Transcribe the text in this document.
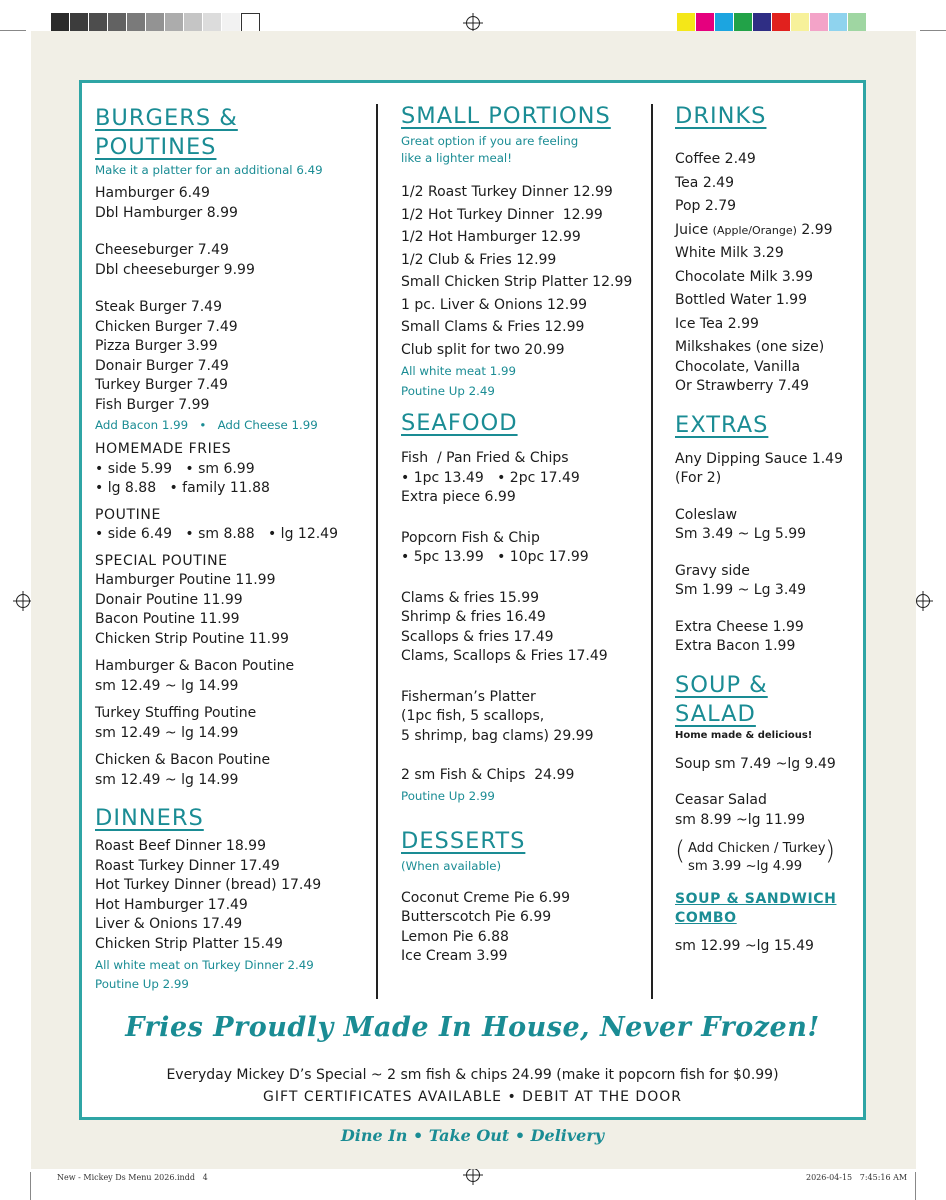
BURGERS &
POUTINES
Make it a platter for an additional 6.49
Hamburger 6.49
Dbl Hamburger 8.99
Cheeseburger 7.49
Dbl cheeseburger 9.99
Steak Burger 7.49
Chicken Burger 7.49
Pizza Burger 3.99
Donair Burger 7.49
Turkey Burger 7.49
Fish Burger 7.99
Add Bacon 1.99   •   Add Cheese 1.99
HOMEMADE FRIES
• side 5.99   • sm 6.99
• lg 8.88   • family 11.88
POUTINE
• side 6.49   • sm 8.88   • lg 12.49
SPECIAL POUTINE
Hamburger Poutine 11.99
Donair Poutine 11.99
Bacon Poutine 11.99
Chicken Strip Poutine 11.99
Hamburger & Bacon Poutine
sm 12.49 ~ lg 14.99
Turkey Stuffing Poutine
sm 12.49 ~ lg 14.99
Chicken & Bacon Poutine
sm 12.49 ~ lg 14.99
DINNERS
Roast Beef Dinner 18.99
Roast Turkey Dinner 17.49
Hot Turkey Dinner (bread) 17.49
Hot Hamburger 17.49
Liver & Onions 17.49
Chicken Strip Platter 15.49
All white meat on Turkey Dinner 2.49
Poutine Up 2.99
SMALL PORTIONS
Great option if you are feeling
like a lighter meal!
1/2 Roast Turkey Dinner 12.99
1/2 Hot Turkey Dinner  12.99
1/2 Hot Hamburger 12.99
1/2 Club & Fries 12.99
Small Chicken Strip Platter 12.99
1 pc. Liver & Onions 12.99
Small Clams & Fries 12.99
Club split for two 20.99
All white meat 1.99
Poutine Up 2.49
SEAFOOD
Fish  / Pan Fried & Chips
• 1pc 13.49   • 2pc 17.49
Extra piece 6.99
Popcorn Fish & Chip
• 5pc 13.99   • 10pc 17.99
Clams & fries 15.99
Shrimp & fries 16.49
Scallops & fries 17.49
Clams, Scallops & Fries 17.49
Fisherman’s Platter
(1pc fish, 5 scallops,
5 shrimp, bag clams) 29.99
2 sm Fish & Chips  24.99
Poutine Up 2.99
DESSERTS
(When available)
Coconut Creme Pie 6.99
Butterscotch Pie 6.99
Lemon Pie 6.88
Ice Cream 3.99
DRINKS
Coffee 2.49
Tea 2.49
Pop 2.79
Juice (Apple/Orange) 2.99
White Milk 3.29
Chocolate Milk 3.99
Bottled Water 1.99
Ice Tea 2.99
Milkshakes (one size)
Chocolate, Vanilla
Or Strawberry 7.49
EXTRAS
Any Dipping Sauce 1.49
(For 2)
Coleslaw
Sm 3.49 ~ Lg 5.99
Gravy side
Sm 1.99 ~ Lg 3.49
Extra Cheese 1.99
Extra Bacon 1.99
SOUP & SALAD
Home made & delicious!
Soup sm 7.49 ~lg 9.49
Ceasar Salad
sm 8.99 ~lg 11.99
( Add Chicken / Turkey
sm 3.99 ~lg 4.99
)
SOUP & SANDWICH
COMBO
sm 12.99 ~lg 15.49
Fries Proudly Made In House, Never Frozen!
Everyday Mickey D’s Special ~ 2 sm fish & chips 24.99 (make it popcorn fish for $0.99)
GIFT CERTIFICATES AVAILABLE • DEBIT AT THE DOOR
Dine In • Take Out • Delivery
New - Mickey Ds Menu 2026.indd   4	2026-04-15   7:45:16 AM
